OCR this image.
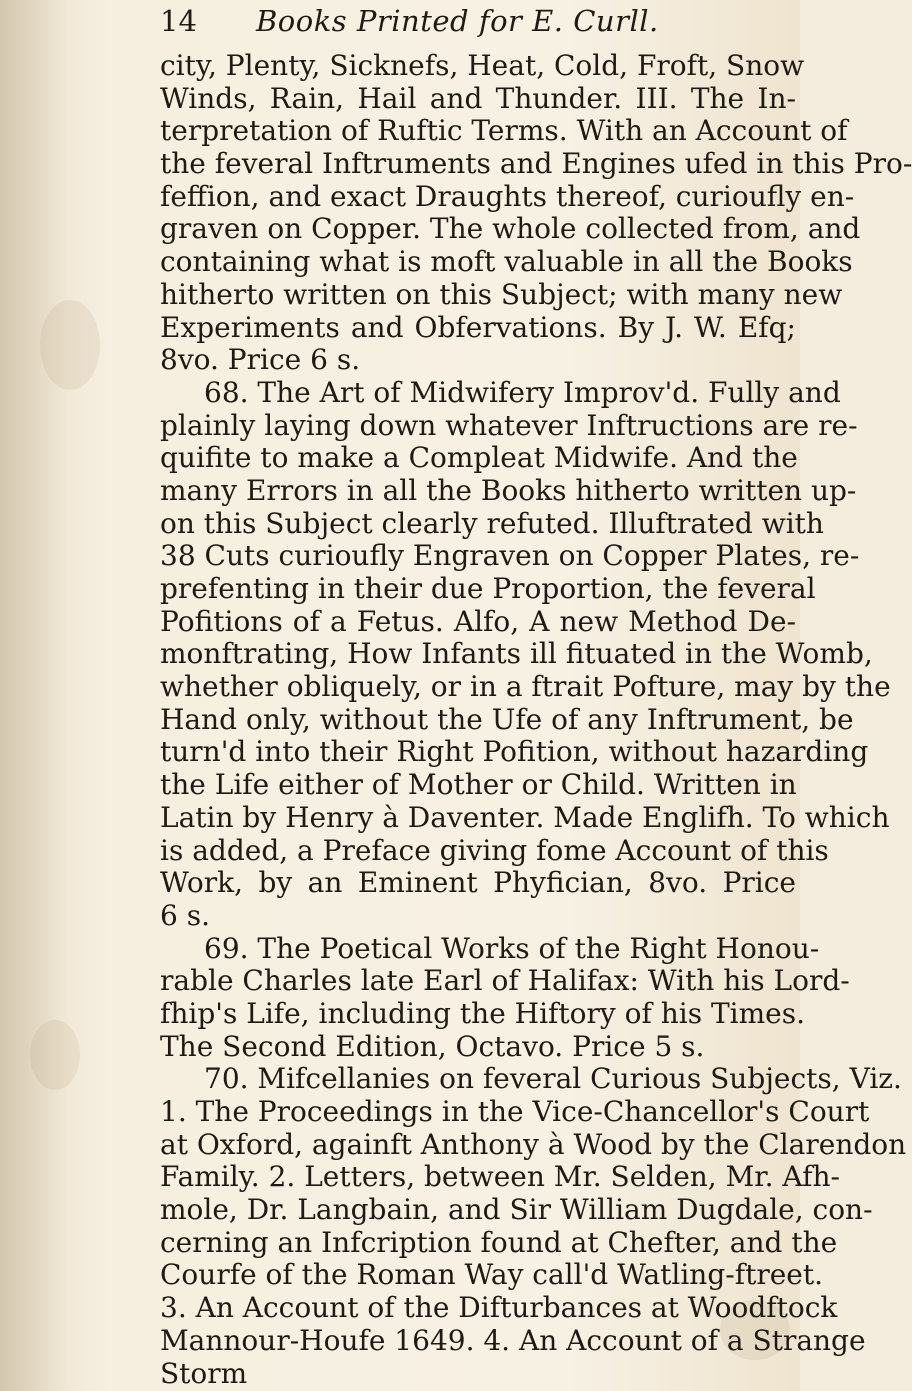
14	Books Printed for E. Curll.
city, Plenty, Sicknefs, Heat, Cold, Froft, Snow
Winds, Rain, Hail and Thunder. III. The In-
terpretation of Ruftic Terms. With an Account of
the feveral Inftruments and Engines ufed in this Pro-
feffion, and exact Draughts thereof, curioufly en-
graven on Copper. The whole collected from, and
containing what is moft valuable in all the Books
hitherto written on this Subject; with many new
Experiments and Obfervations. By J. W. Efq;
8vo. Price 6 s.
68. The Art of Midwifery Improv'd. Fully and
plainly laying down whatever Inftructions are re-
quifite to make a Compleat Midwife. And the
many Errors in all the Books hitherto written up-
on this Subject clearly refuted. Illuftrated with
38 Cuts curioufly Engraven on Copper Plates, re-
prefenting in their due Proportion, the feveral
Pofitions of a Fetus. Alfo, A new Method De-
monftrating, How Infants ill fituated in the Womb,
whether obliquely, or in a ftrait Pofture, may by the
Hand only, without the Ufe of any Inftrument, be
turn'd into their Right Pofition, without hazarding
the Life either of Mother or Child. Written in
Latin by Henry à Daventer. Made Englifh. To which
is added, a Preface giving fome Account of this
Work, by an Eminent Phyfician, 8vo. Price
6 s.
69. The Poetical Works of the Right Honou-
rable Charles late Earl of Halifax: With his Lord-
fhip's Life, including the Hiftory of his Times.
The Second Edition, Octavo. Price 5 s.
70. Mifcellanies on feveral Curious Subjects, Viz.
1. The Proceedings in the Vice-Chancellor's Court
at Oxford, againft Anthony à Wood by the Clarendon
Family. 2. Letters, between Mr. Selden, Mr. Afh-
mole, Dr. Langbain, and Sir William Dugdale, con-
cerning an Infcription found at Chefter, and the
Courfe of the Roman Way call'd Watling-ftreet.
3. An Account of the Difturbances at Woodftock
Mannour-Houfe 1649. 4. An Account of a Strange
Storm
